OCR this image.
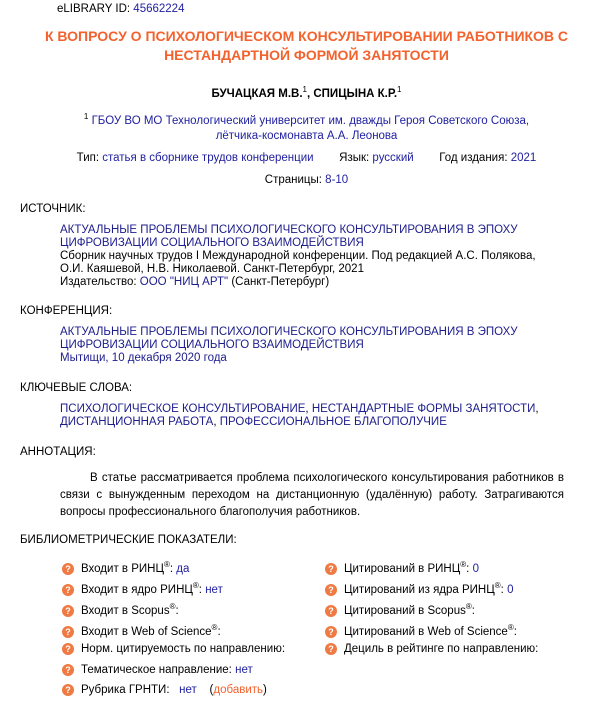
eLIBRARY ID: 45662224
К ВОПРОСУ О ПСИХОЛОГИЧЕСКОМ КОНСУЛЬТИРОВАНИИ РАБОТНИКОВ С НЕСТАНДАРТНОЙ ФОРМОЙ ЗАНЯТОСТИ
БУЧАЦКАЯ М.В.$^1$, СПИЦЫНА К.Р.$^1$
$^1$ ГБОУ ВО МО Технологический университет им. дважды Героя Советского Союза, лётчика-космонавта А.А. Леонова
Тип: статья в сборнике трудов конференции Язык: русский Год издания: 2021
Страницы: 8-10
ИСТОЧНИК:
АКТУАЛЬНЫЕ ПРОБЛЕМЫ ПСИХОЛОГИЧЕСКОГО КОНСУЛЬТИРОВАНИЯ В ЭПОХУ ЦИФРОВИЗАЦИИ СОЦИАЛЬНОГО ВЗАИМОДЕЙСТВИЯ
Сборник научных трудов I Международной конференции. Под редакцией А.С. Полякова, О.И. Каяшевой, Н.В. Николаевой. Санкт-Петербург, 2021
Издательство: ООО "НИЦ АРТ" (Санкт-Петербург)
КОНФЕРЕНЦИЯ:
АКТУАЛЬНЫЕ ПРОБЛЕМЫ ПСИХОЛОГИЧЕСКОГО КОНСУЛЬТИРОВАНИЯ В ЭПОХУ ЦИФРОВИЗАЦИИ СОЦИАЛЬНОГО ВЗАИМОДЕЙСТВИЯ
Мытищи, 10 декабря 2020 года
КЛЮЧЕВЫЕ СЛОВА:
ПСИХОЛОГИЧЕСКОЕ КОНСУЛЬТИРОВАНИЕ, НЕСТАНДАРТНЫЕ ФОРМЫ ЗАНЯТОСТИ, ДИСТАНЦИОННАЯ РАБОТА, ПРОФЕССИОНАЛЬНОЕ БЛАГОПОЛУЧИЕ
АННОТАЦИЯ:
В статье рассматривается проблема психологического консультирования работников в связи с вынужденным переходом на дистанционную (удалённую) работу. Затрагиваются вопросы профессионального благополучия работников.
БИБЛИОМЕТРИЧЕСКИЕ ПОКАЗАТЕЛИ:
? Входит в РИНЦ®: да
? Входит в ядро РИНЦ®: нет
? Входит в Scopus®:
? Входит в Web of Science®:
? Норм. цитируемость по направлению:
? Тематическое направление: нет
? Рубрика ГРНТИ: нет    (добавить)
? Цитирований в РИНЦ®: 0
? Цитирований из ядра РИНЦ®: 0
? Цитирований в Scopus®:
? Цитирований в Web of Science®:
? Дециль в рейтинге по направлению:
